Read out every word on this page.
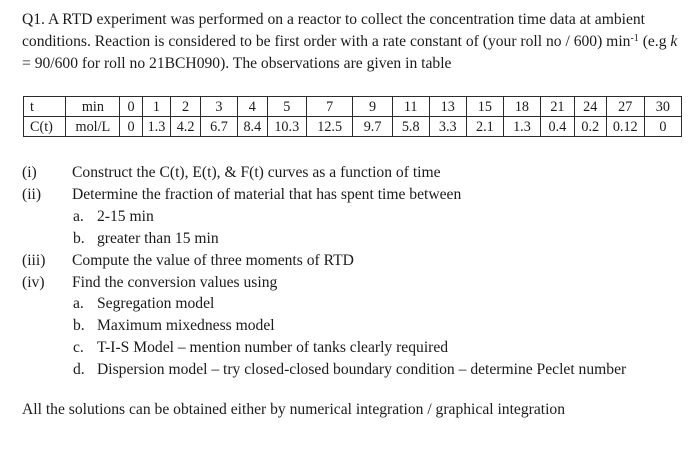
Q1. A RTD experiment was performed on a reactor to collect the concentration time data at ambient conditions. Reaction is considered to be first order with a rate constant of (your roll no / 600) $\min^{-1} (e.g$ k = 90/600 for roll no 21BCH090). The observations are given in table
t	min	0	1	2	3	4	5	7	9	11	13	15	18	21	24	27	30
C(t)	mol/L	0	1.3	4.2	6.7	8.4	10.3	12.5	9.7	5.8	3.3	2.1	1.3	0.4	0.2	0.12	0
(i) Construct the C(t), E(t), & F(t) curves as a function of time
(ii) Determine the fraction of material that has spent time between
a. 2-15 min
b. greater than 15 min
(iii) Compute the value of three moments of RTD
(iv) Find the conversion values using
a. Segregation model
b. Maximum mixedness model
c. T-I-S Model – mention number of tanks clearly required
d. Dispersion model – try closed-closed boundary condition – determine Peclet number
All the solutions can be obtained either by numerical integration / graphical integration
